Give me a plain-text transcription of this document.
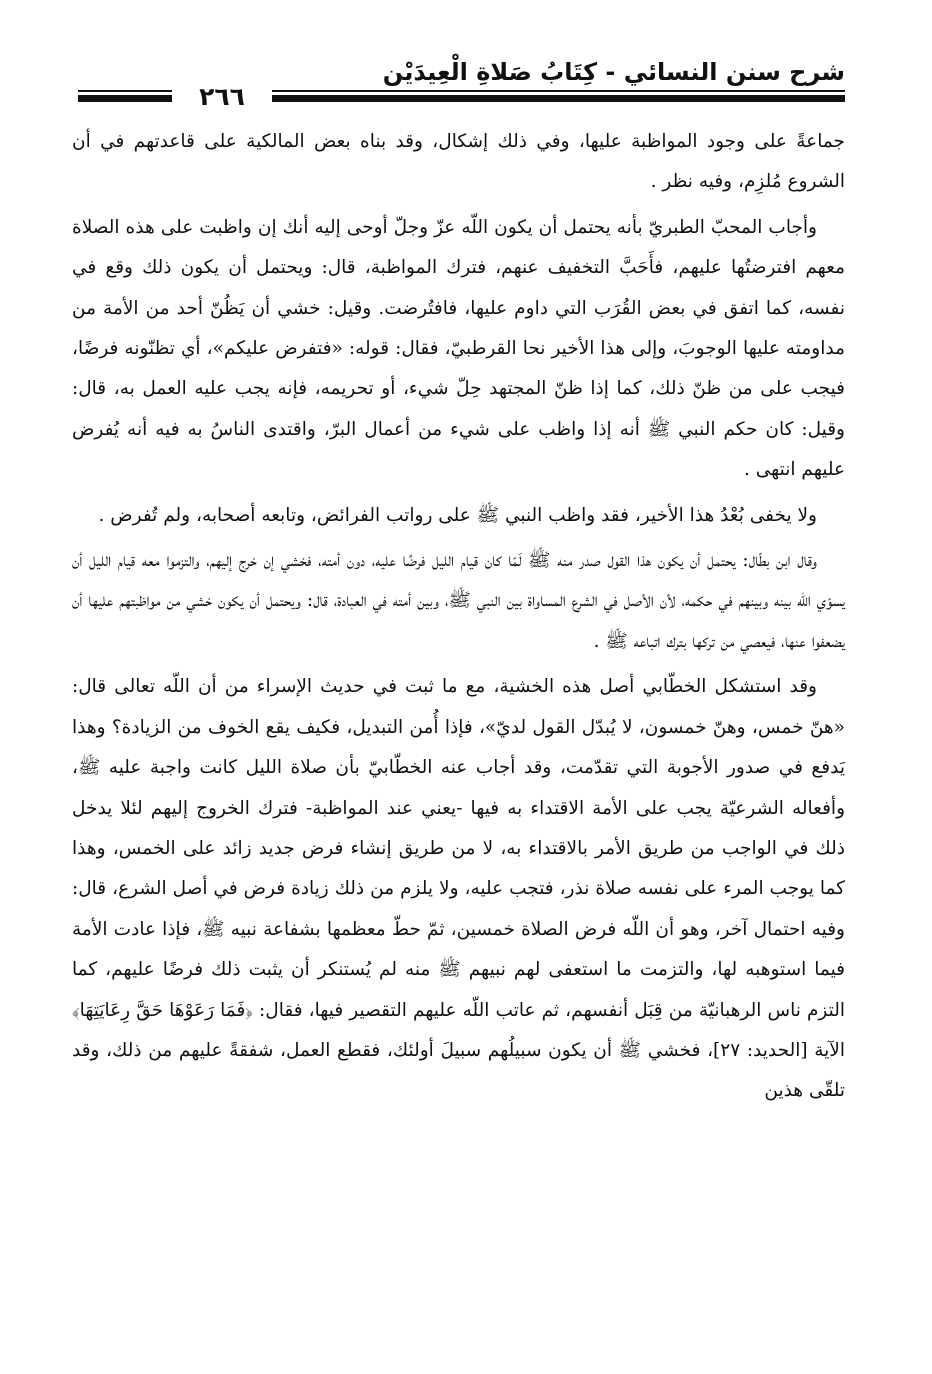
شرح سنن النسائي - كِتَابُ صَلاةِ الْعِيدَيْن
٢٦٦

جماعةً على وجود المواظبة عليها، وفي ذلك إشكال، وقد بناه بعض المالكية على قاعدتهم في أن الشروع مُلزِم، وفيه نظر .

وأجاب المحبّ الطبريّ بأنه يحتمل أن يكون اللّه عزّ وجلّ أوحى إليه أنك إن واظبت على هذه الصلاة معهم افترضتُها عليهم، فأَحَبَّ التخفيف عنهم، فترك المواظبة، قال: ويحتمل أن يكون ذلك وقع في نفسه، كما اتفق في بعض القُرَب التي داوم عليها، فافتُرضت. وقيل: خشي أن يَظُنّ أحد من الأمة من مداومته عليها الوجوبَ، وإلى هذا الأخير نحا القرطبيّ، فقال: قوله: «فتفرض عليكم»، أي تظنّونه فرضًا، فيجب على من ظنّ ذلك، كما إذا ظنّ المجتهد حِلّ شيء، أو تحريمه، فإنه يجب عليه العمل به، قال: وقيل: كان حكم النبي ﷺ أنه إذا واظب على شيء من أعمال البرّ، واقتدى الناسُ به فيه أنه يُفرض عليهم انتهى .

ولا يخفى بُعْدُ هذا الأخير، فقد واظب النبي ﷺ على رواتب الفرائض، وتابعه أصحابه، ولم تُفرض .

وقال ابن بطّال: يحتمل أن يكون هذا القول صدر منه ﷺ لَمّا كان قيام الليل فرضًا عليه، دون أمته، فخشي إن خرج إليهم، والتزموا معه قيام الليل أن يسوّي اللّه بينه وبينهم في حكمه، لأن الأصل في الشرع المساواة بين النبي ﷺ، وبين أمته في العبادة، قال: ويحتمل أن يكون خشي من مواظبتهم عليها أن يضعفوا عنها، فيعصي من تركها بترك اتباعه ﷺ .

وقد استشكل الخطّابي أصل هذه الخشية، مع ما ثبت في حديث الإسراء من أن اللّه تعالى قال: «هنّ خمس، وهنّ خمسون، لا يُبدّل القول لديّ»، فإذا أُمن التبديل، فكيف يقع الخوف من الزيادة؟ وهذا يَدفع في صدور الأجوبة التي تقدّمت، وقد أجاب عنه الخطّابيّ بأن صلاة الليل كانت واجبة عليه ﷺ، وأفعاله الشرعيّة يجب على الأمة الاقتداء به فيها -يعني عند المواظبة- فترك الخروج إليهم لئلا يدخل ذلك في الواجب من طريق الأمر بالاقتداء به، لا من طريق إنشاء فرض جديد زائد على الخمس، وهذا كما يوجب المرء على نفسه صلاة نذر، فتجب عليه، ولا يلزم من ذلك زيادة فرض في أصل الشرع، قال: وفيه احتمال آخر، وهو أن اللّه فرض الصلاة خمسين، ثمّ حطّ معظمها بشفاعة نبيه ﷺ، فإذا عادت الأمة فيما استوهبه لها، والتزمت ما استعفى لهم نبيهم ﷺ منه لم يُستنكر أن يثبت ذلك فرضًا عليهم، كما التزم ناس الرهبانيّة من قِبَل أنفسهم، ثم عاتب اللّه عليهم التقصير فيها، فقال: ﴿فَمَا رَعَوْهَا حَقَّ رِعَايَتِهَا﴾ الآية [الحديد: ٢٧]، فخشي ﷺ أن يكون سبيلُهم سبيلَ أولئك، فقطع العمل، شفقةً عليهم من ذلك، وقد تلقّى هذين
